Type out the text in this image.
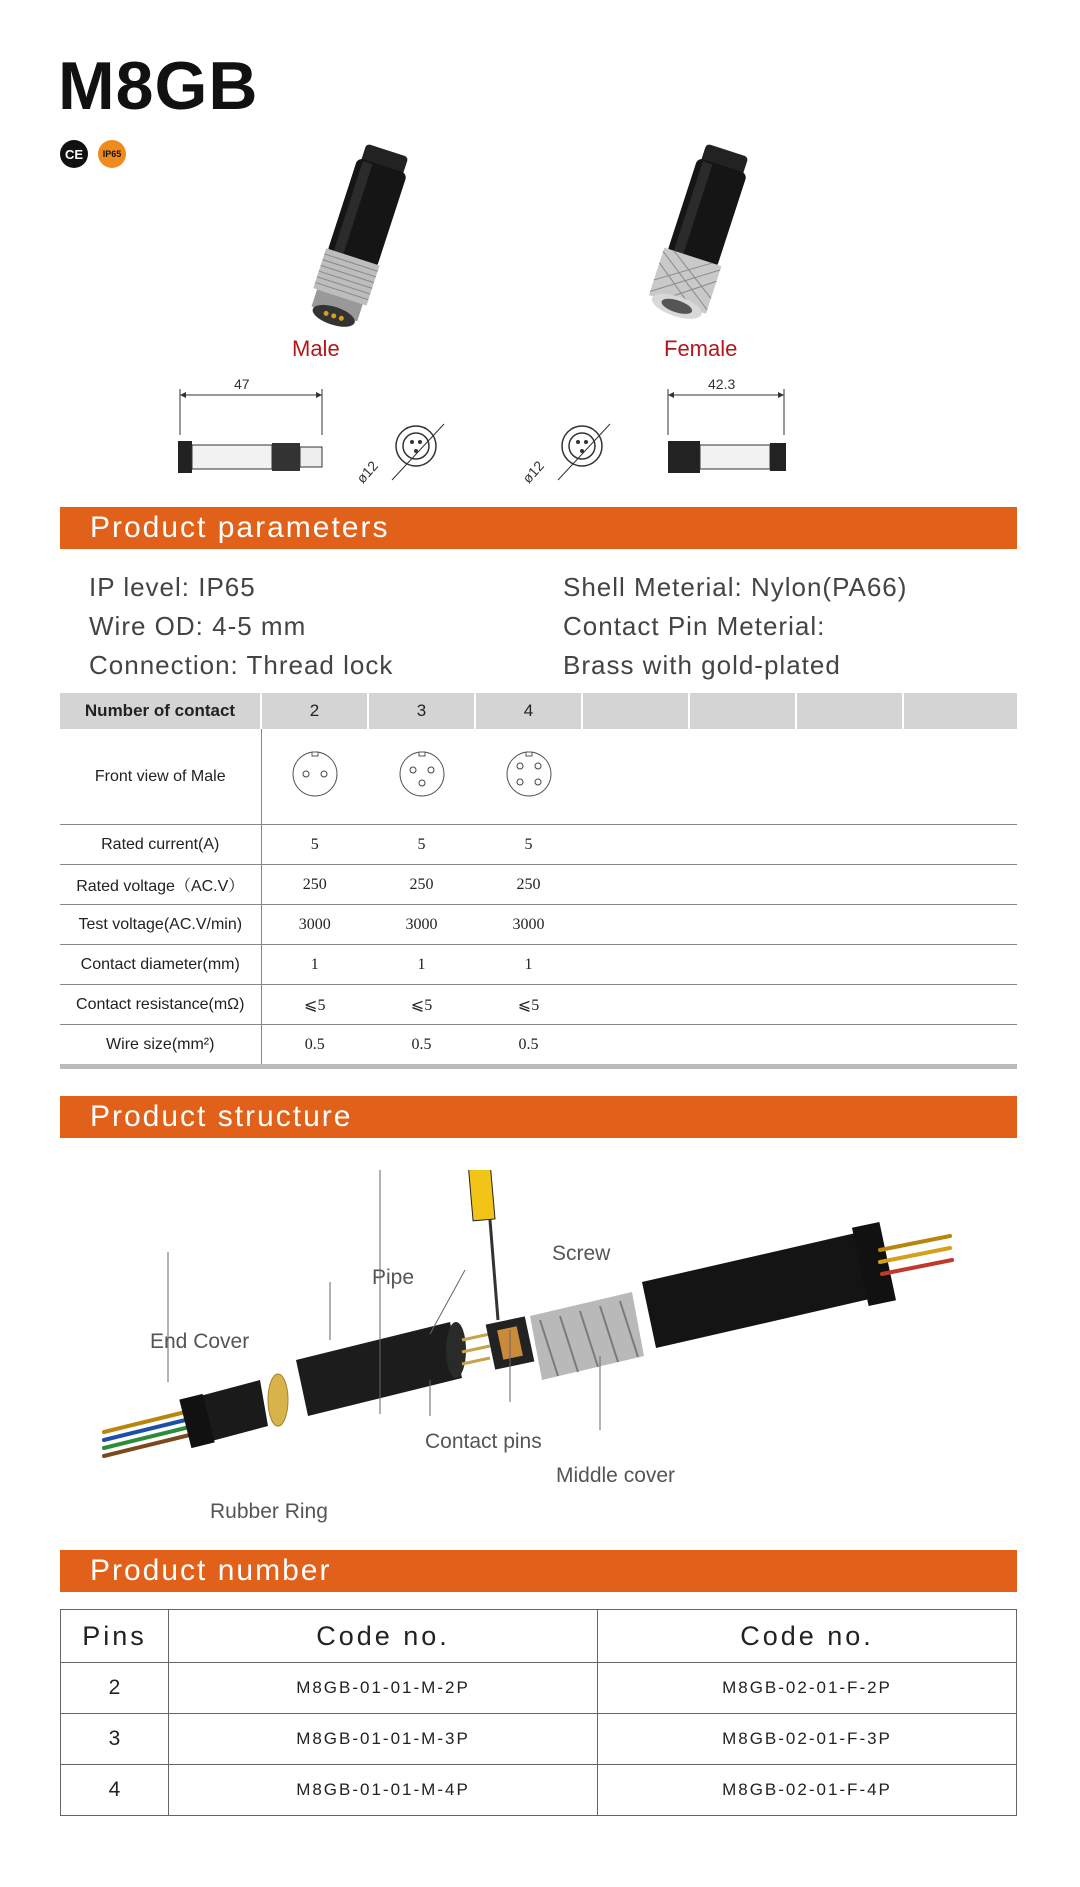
M8GB
CE	IP65
Male	Female
47
ø12	ø12
42.3
Product parameters
IP level: IP65
Wire OD: 4-5 mm
Connection: Thread lock
Shell Meterial: Nylon(PA66)
Contact Pin Meterial:
Brass with gold-plated
Number of contact	2	3	4				
Front view of Male							
Rated current(A)	5	5	5				
Rated voltage（AC.V）	250	250	250				
Test voltage(AC.V/min)	3000	3000	3000				
Contact diameter(mm)	1	1	1				
Contact resistance(mΩ)	⩽5	⩽5	⩽5				
Wire size(mm²)	0.5	0.5	0.5				
Product structure
Pipe
Screw
End Cover
Contact pins
Middle cover
Rubber Ring
Product number
Pins	Code no.	Code no.
2	M8GB-01-01-M-2P	M8GB-02-01-F-2P
3	M8GB-01-01-M-3P	M8GB-02-01-F-3P
4	M8GB-01-01-M-4P	M8GB-02-01-F-4P
